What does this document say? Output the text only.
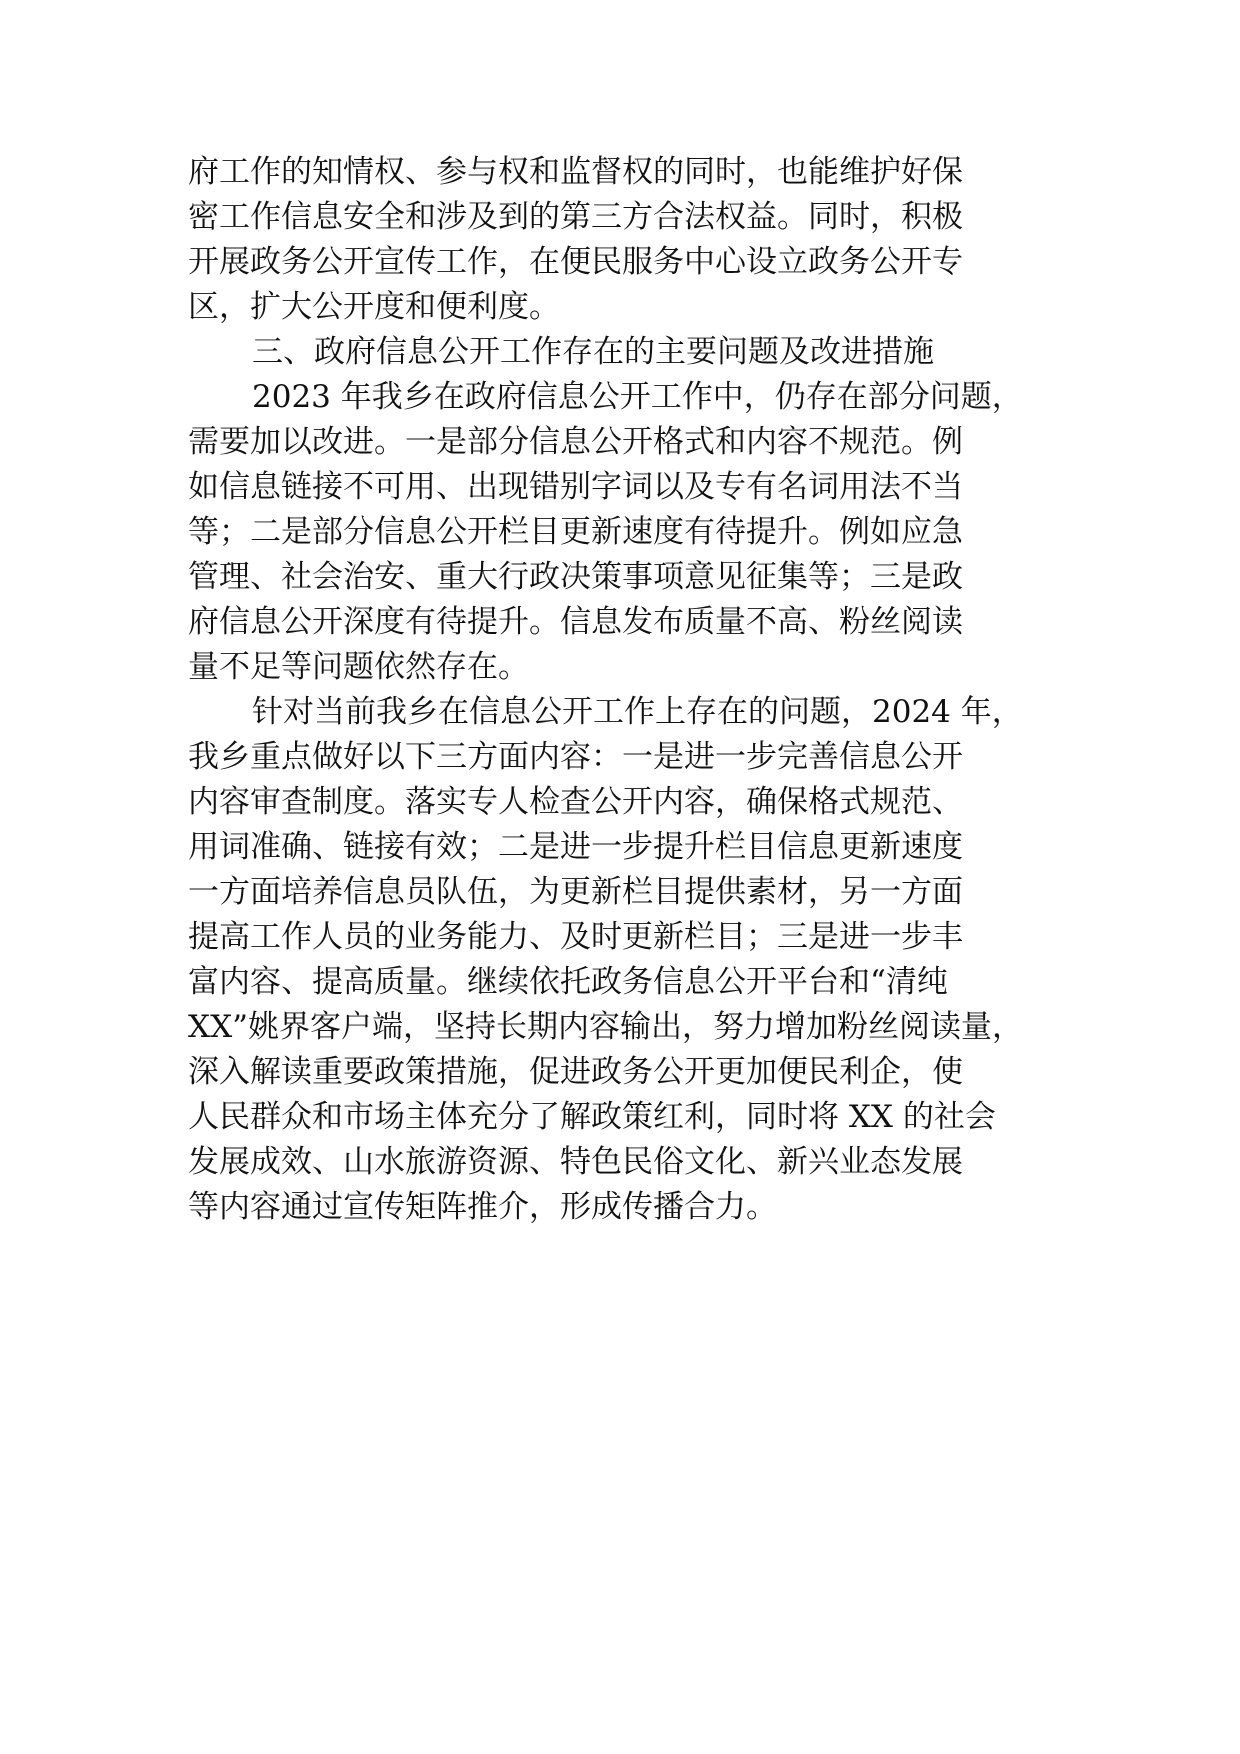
府工作的知情权、参与权和监督权的同时，也能维护好保
密工作信息安全和涉及到的第三方合法权益。同时，积极
开展政务公开宣传工作，在便民服务中心设立政务公开专
区，扩大公开度和便利度。
三、政府信息公开工作存在的主要问题及改进措施
2023 年我乡在政府信息公开工作中，仍存在部分问题，
需要加以改进。一是部分信息公开格式和内容不规范。例
如信息链接不可用、出现错别字词以及专有名词用法不当
等；二是部分信息公开栏目更新速度有待提升。例如应急
管理、社会治安、重大行政决策事项意见征集等；三是政
府信息公开深度有待提升。信息发布质量不高、粉丝阅读
量不足等问题依然存在。
针对当前我乡在信息公开工作上存在的问题，2024 年，
我乡重点做好以下三方面内容：一是进一步完善信息公开
内容审查制度。落实专人检查公开内容，确保格式规范、
用词准确、链接有效；二是进一步提升栏目信息更新速度
一方面培养信息员队伍，为更新栏目提供素材，另一方面
提高工作人员的业务能力、及时更新栏目；三是进一步丰
富内容、提高质量。继续依托政务信息公开平台和“清纯
XX”姚界客户端，坚持长期内容输出，努力增加粉丝阅读量，
深入解读重要政策措施，促进政务公开更加便民利企，使
人民群众和市场主体充分了解政策红利，同时将 XX 的社会
发展成效、山水旅游资源、特色民俗文化、新兴业态发展
等内容通过宣传矩阵推介，形成传播合力。
